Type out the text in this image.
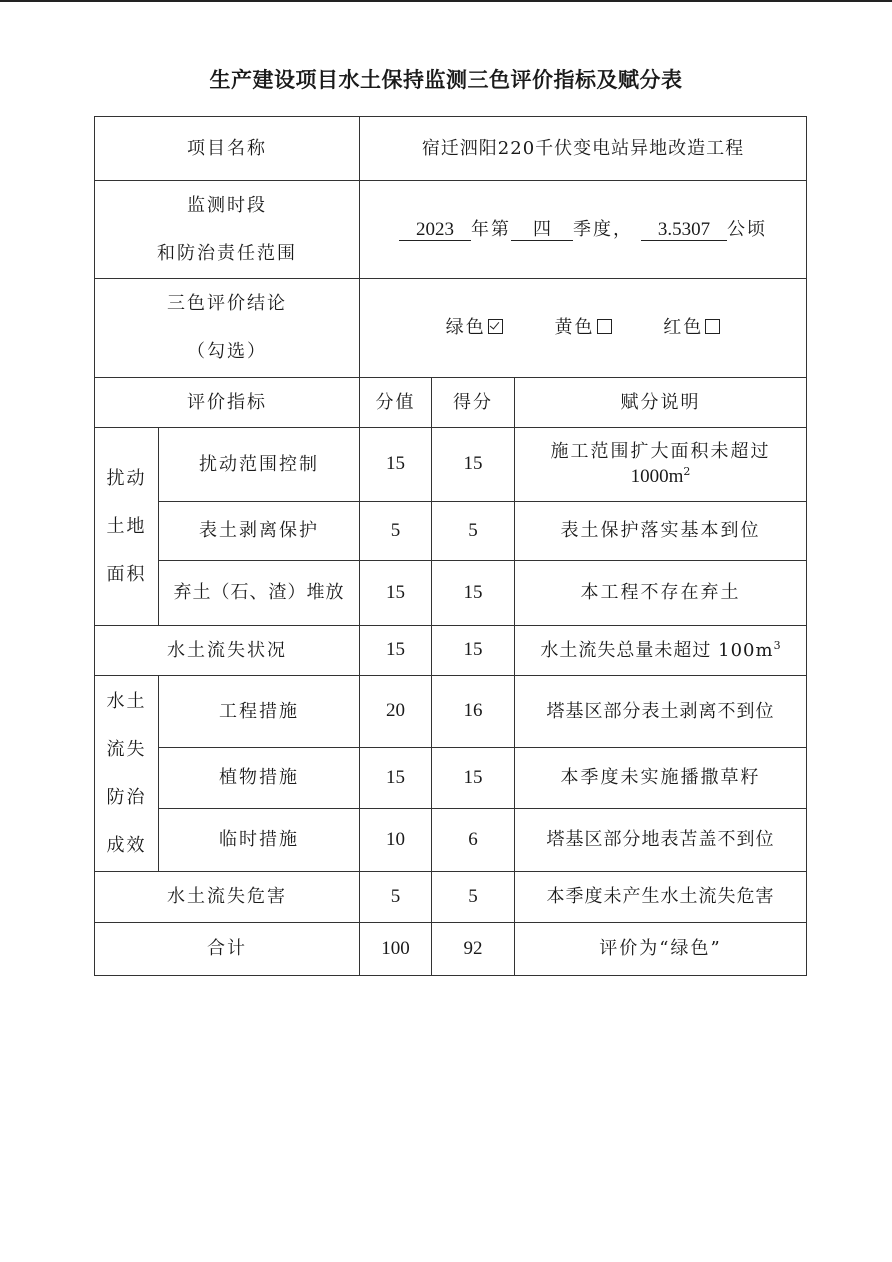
生产建设项目水土保持监测三色评价指标及赋分表
项目名称		宿迁泗阳220千伏变电站异地改造工程		

监测时段
和防治责任范围		2023 年第 四 季度， 3.5307 公顷		

三色评价结论
（勾选）		绿色 黄色 红色		
评价指标		分值	得分	赋分说明

扰动
土地
面积	扰动范围控制	15	15	施工范围扩大面积未超过
$1000m^2$
	表土剥离保护	5	5	表土保护落实基本到位
	弃土（石、渣）堆放	15	15	本工程不存在弃土
水土流失状况		15	15	水土流失总量未超过 $100m^3$

水土
流失
防治
成效	工程措施	20	16	塔基区部分表土剥离不到位
	植物措施	15	15	本季度未实施播撒草籽
	临时措施	10	6	塔基区部分地表苫盖不到位
水土流失危害		5	5	本季度未产生水土流失危害
合计		100	92	评价为“绿色”
